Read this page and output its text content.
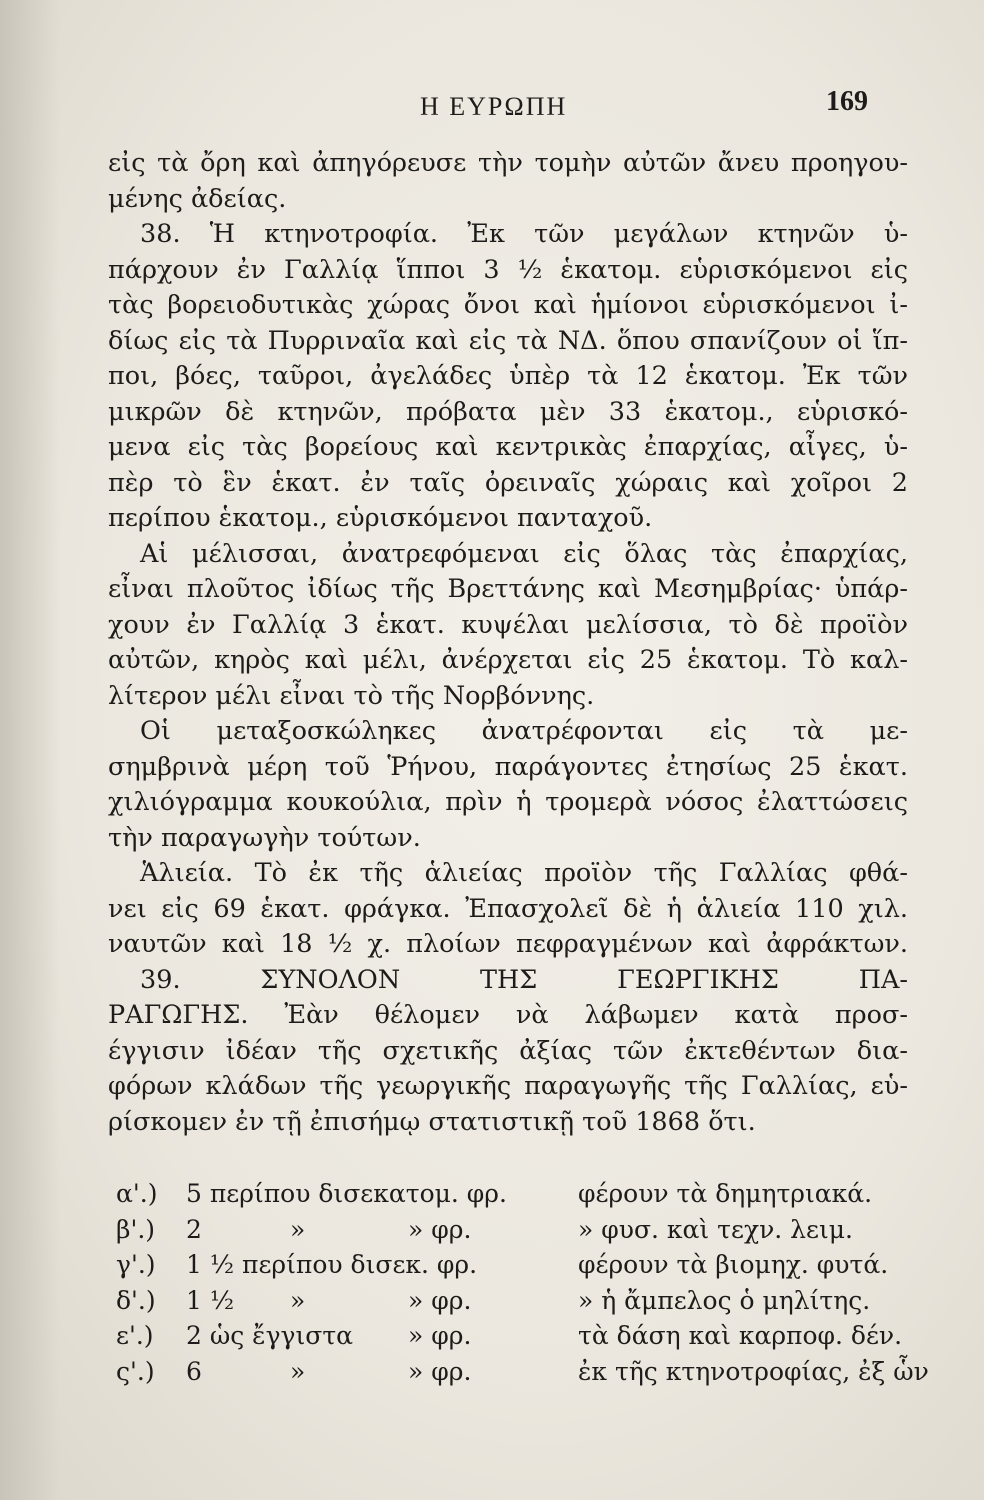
Η ΕΥΡΩΠΗ	169
εἰς τὰ ὄρη καὶ ἀπηγόρευσε τὴν τομὴν αὐτῶν ἄνευ προηγου-
μένης ἀδείας.
38. Ἡ κτηνοτροφία. Ἐκ τῶν μεγάλων κτηνῶν ὑ-
πάρχουν ἐν Γαλλίᾳ ἵπποι 3 ½ ἑκατομ. εὑρισκόμενοι εἰς
τὰς βορειοδυτικὰς χώρας ὄνοι καὶ ἡμίονοι εὑρισκόμενοι ἰ-
δίως εἰς τὰ Πυρριναῖα καὶ εἰς τὰ ΝΔ. ὅπου σπανίζουν οἱ ἵπ-
ποι, βόες, ταῦροι, ἀγελάδες ὑπὲρ τὰ 12 ἑκατομ. Ἐκ τῶν
μικρῶν δὲ κτηνῶν, πρόβατα μὲν 33 ἑκατομ., εὑρισκό-
μενα εἰς τὰς βορείους καὶ κεντρικὰς ἐπαρχίας, αἶγες, ὑ-
πὲρ τὸ ἓν ἑκατ. ἐν ταῖς ὀρειναῖς χώραις καὶ χοῖροι 2
περίπου ἑκατομ., εὑρισκόμενοι πανταχοῦ.
Αἱ μέλισσαι, ἀνατρεφόμεναι εἰς ὅλας τὰς ἐπαρχίας,
εἶναι πλοῦτος ἰδίως τῆς Βρεττάνης καὶ Μεσημβρίας· ὑπάρ-
χουν ἐν Γαλλίᾳ 3 ἑκατ. κυψέλαι μελίσσια, τὸ δὲ προϊὸν
αὐτῶν, κηρὸς καὶ μέλι, ἀνέρχεται εἰς 25 ἑκατομ. Τὸ καλ-
λίτερον μέλι εἶναι τὸ τῆς Νορβόννης.
Οἱ μεταξοσκώληκες ἀνατρέφονται εἰς τὰ με-
σημβρινὰ μέρη τοῦ Ῥήνου, παράγοντες ἐτησίως 25 ἑκατ.
χιλιόγραμμα κουκούλια, πρὶν ἡ τρομερὰ νόσος ἐλαττώσεις
τὴν παραγωγὴν τούτων.
Ἁλιεία. Τὸ ἐκ τῆς ἁλιείας προϊὸν τῆς Γαλλίας φθά-
νει εἰς 69 ἑκατ. φράγκα. Ἐπασχολεῖ δὲ ἡ ἁλιεία 110 χιλ.
ναυτῶν καὶ 18 ½ χ. πλοίων πεφραγμένων καὶ ἀφράκτων.
39. ΣΥΝΟΛΟΝ ΤΗΣ ΓΕΩΡΓΙΚΗΣ ΠΑ-
ΡΑΓΩΓΗΣ. Ἐὰν θέλομεν νὰ λάβωμεν κατὰ προσ-
έγγισιν ἰδέαν τῆς σχετικῆς ἀξίας τῶν ἐκτεθέντων δια-
φόρων κλάδων τῆς γεωργικῆς παραγωγῆς τῆς Γαλλίας, εὑ-
ρίσκομεν ἐν τῇ ἐπισήμῳ στατιστικῇ τοῦ 1868 ὅτι.
α'.) 5 περίπου δισεκατομ. φρ.	φέρουν τὰ δημητριακά.
β'.) 2	»	» φρ.	» φυσ. καὶ τεχν. λειμ.
γ'.) 1 ½ περίπου δισεκ. φρ.	φέρουν τὰ βιομηχ. φυτά.
δ'.) 1 ½ »	» φρ.	» ἡ ἄμπελος ὁ μηλίτης.
ε'.) 2 ὡς ἔγγιστα » φρ.	τὰ δάση καὶ καρποφ. δέν.
ς'.) 6	»	» φρ.	ἐκ τῆς κτηνοτροφίας, ἐξ ὧν
